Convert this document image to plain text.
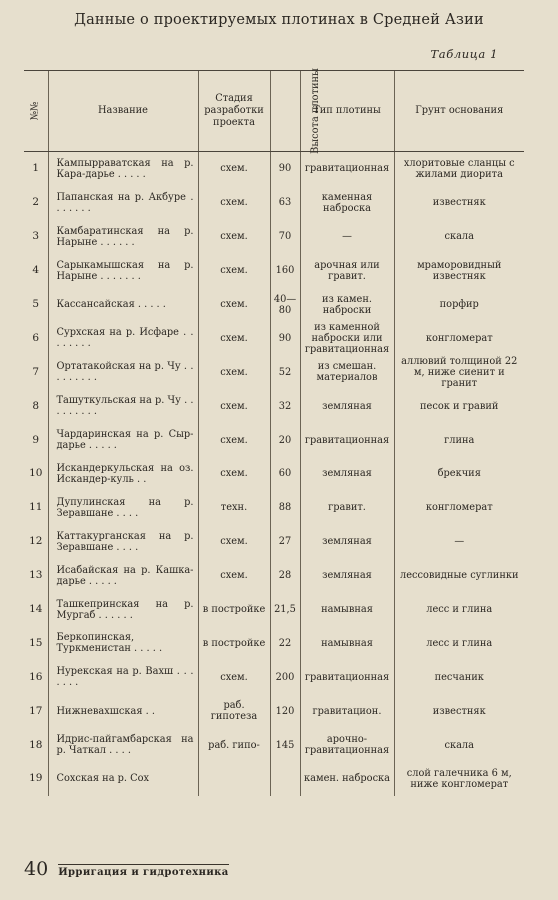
Данные о проектируемых плотинах в Средней Азии
Таблица 1
№№	Название	Стадия разработки проекта	Высота плотины	Тип плотины	Грунт основания
1	Кампырраватская на р. Кара-дарье . . . . .	схем.	90	гравитационная	хлоритовые сланцы с жилами диорита
2	Папанская на р. Акбуре . . . . . . .	схем.	63	каменная наброска	известняк
3	Камбаратинская на р. Нарыне . . . . . .	схем.	70	—	скала
4	Сарыкамышская на р. Нарыне . . . . . . .	схем.	160	арочная или гравит.	мраморовидный известняк
5	Кассансайская . . . . .	схем.	40—80	из камен. наброски	порфир
6	Сурхская на р. Исфаре . . . . . . . .	схем.	90	из каменной наброски или гравитационная	конгломерат
7	Ортатакойская на р. Чу . . . . . . . . .	схем.	52	из смешан. материалов	аллювий толщиной 22 м, ниже сиенит и гранит
8	Ташуткульская на р. Чу . . . . . . . . .	схем.	32	земляная	песок и гравий
9	Чардаринская на р. Сыр-дарье . . . . .	схем.	20	гравитационная	глина
10	Искандеркульская на оз. Искандер-куль . .	схем.	60	земляная	брекчия
11	Дупулинская на р. Зеравшане . . . .	техн.	88	гравит.	конгломерат
12	Каттакурганская на р. Зеравшане . . . .	схем.	27	земляная	—
13	Исабайская на р. Кашка-дарье . . . . .	схем.	28	земляная	лессовидные суглинки
14	Ташкепринская на р. Мургаб . . . . . .	в постройке	21,5	намывная	лесс и глина
15	Беркопинская, Туркменистан . . . . .	в постройке	22	намывная	лесс и глина
16	Нурекская на р. Вахш . . . . . . .	схем.	200	гравитационная	песчаник
17	Нижневахшская . .	раб. гипотеза	120	гравитацион.	известняк
18	Идрис-пайгамбарская на р. Чаткал . . . .	раб. гипо-	145	арочно-гравитационная	скала
19	Сохская на р. Сох			камен. наброска	слой галечника 6 м, ниже конгломерат
40 Ирригация и гидротехника
